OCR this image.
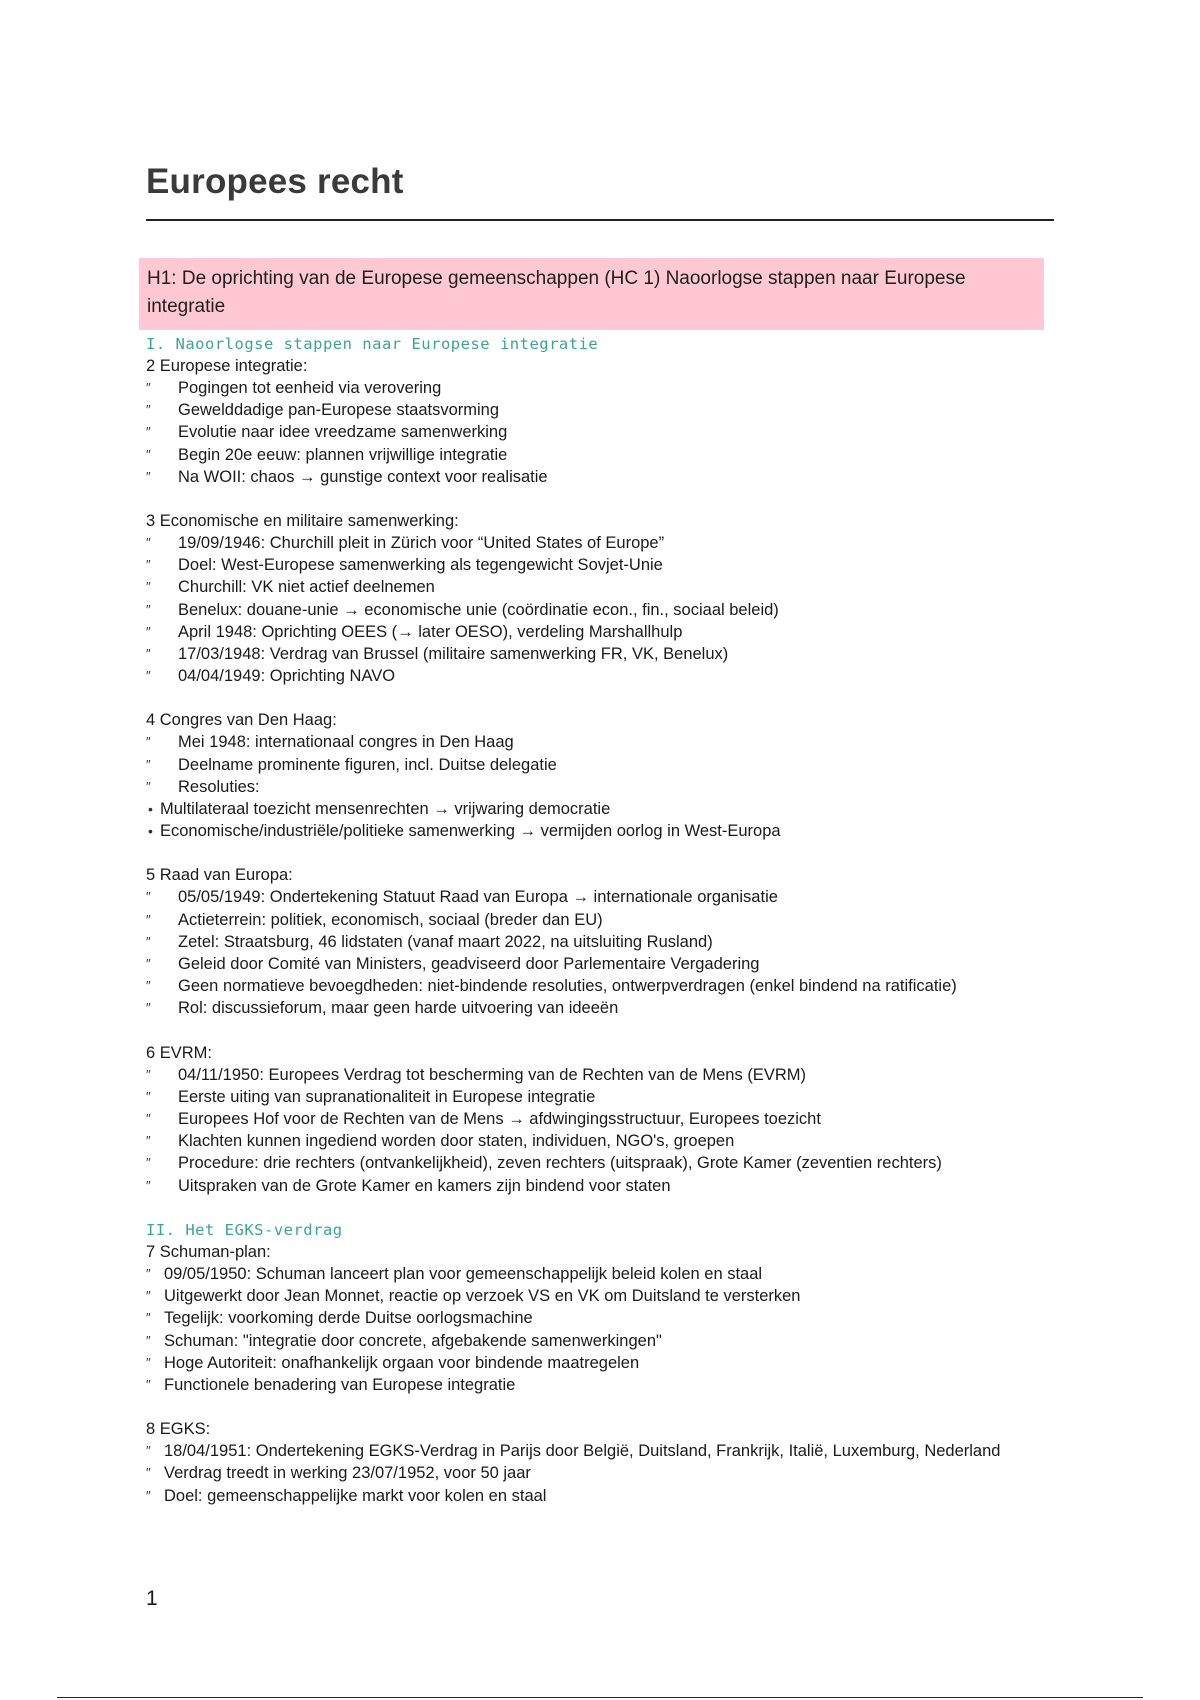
Europees recht
H1: De oprichting van de Europese gemeenschappen (HC 1) Naoorlogse stappen naar Europese integratie
I. Naoorlogse stappen naar Europese integratie
2 Europese integratie:
″ Pogingen tot eenheid via verovering
″ Gewelddadige pan-Europese staatsvorming
″ Evolutie naar idee vreedzame samenwerking
″ Begin 20e eeuw: plannen vrijwillige integratie
″ Na WOII: chaos → gunstige context voor realisatie
3 Economische en militaire samenwerking:
″ 19/09/1946: Churchill pleit in Zürich voor “United States of Europe”
″ Doel: West-Europese samenwerking als tegengewicht Sovjet-Unie
″ Churchill: VK niet actief deelnemen
″ Benelux: douane-unie → economische unie (coördinatie econ., fin., sociaal beleid)
″ April 1948: Oprichting OEES (→ later OESO), verdeling Marshallhulp
″ 17/03/1948: Verdrag van Brussel (militaire samenwerking FR, VK, Benelux)
″ 04/04/1949: Oprichting NAVO
4 Congres van Den Haag:
″ Mei 1948: internationaal congres in Den Haag
″ Deelname prominente figuren, incl. Duitse delegatie
″ Resoluties:
• Multilateraal toezicht mensenrechten → vrijwaring democratie
• Economische/industriële/politieke samenwerking → vermijden oorlog in West-Europa
5 Raad van Europa:
″ 05/05/1949: Ondertekening Statuut Raad van Europa → internationale organisatie
″ Actieterrein: politiek, economisch, sociaal (breder dan EU)
″ Zetel: Straatsburg, 46 lidstaten (vanaf maart 2022, na uitsluiting Rusland)
″ Geleid door Comité van Ministers, geadviseerd door Parlementaire Vergadering
″ Geen normatieve bevoegdheden: niet-bindende resoluties, ontwerpverdragen (enkel bindend na ratificatie)
″ Rol: discussieforum, maar geen harde uitvoering van ideeën
6 EVRM:
″ 04/11/1950: Europees Verdrag tot bescherming van de Rechten van de Mens (EVRM)
″ Eerste uiting van supranationaliteit in Europese integratie
″ Europees Hof voor de Rechten van de Mens → afdwingingsstructuur, Europees toezicht
″ Klachten kunnen ingediend worden door staten, individuen, NGO's, groepen
″ Procedure: drie rechters (ontvankelijkheid), zeven rechters (uitspraak), Grote Kamer (zeventien rechters)
″ Uitspraken van de Grote Kamer en kamers zijn bindend voor staten
II. Het EGKS-verdrag
7 Schuman-plan:
″ 09/05/1950: Schuman lanceert plan voor gemeenschappelijk beleid kolen en staal
″ Uitgewerkt door Jean Monnet, reactie op verzoek VS en VK om Duitsland te versterken
″ Tegelijk: voorkoming derde Duitse oorlogsmachine
″ Schuman: "integratie door concrete, afgebakende samenwerkingen"
″ Hoge Autoriteit: onafhankelijk orgaan voor bindende maatregelen
″ Functionele benadering van Europese integratie
8 EGKS:
″ 18/04/1951: Ondertekening EGKS-Verdrag in Parijs door België, Duitsland, Frankrijk, Italië, Luxemburg, Nederland
″ Verdrag treedt in werking 23/07/1952, voor 50 jaar
″ Doel: gemeenschappelijke markt voor kolen en staal
1
